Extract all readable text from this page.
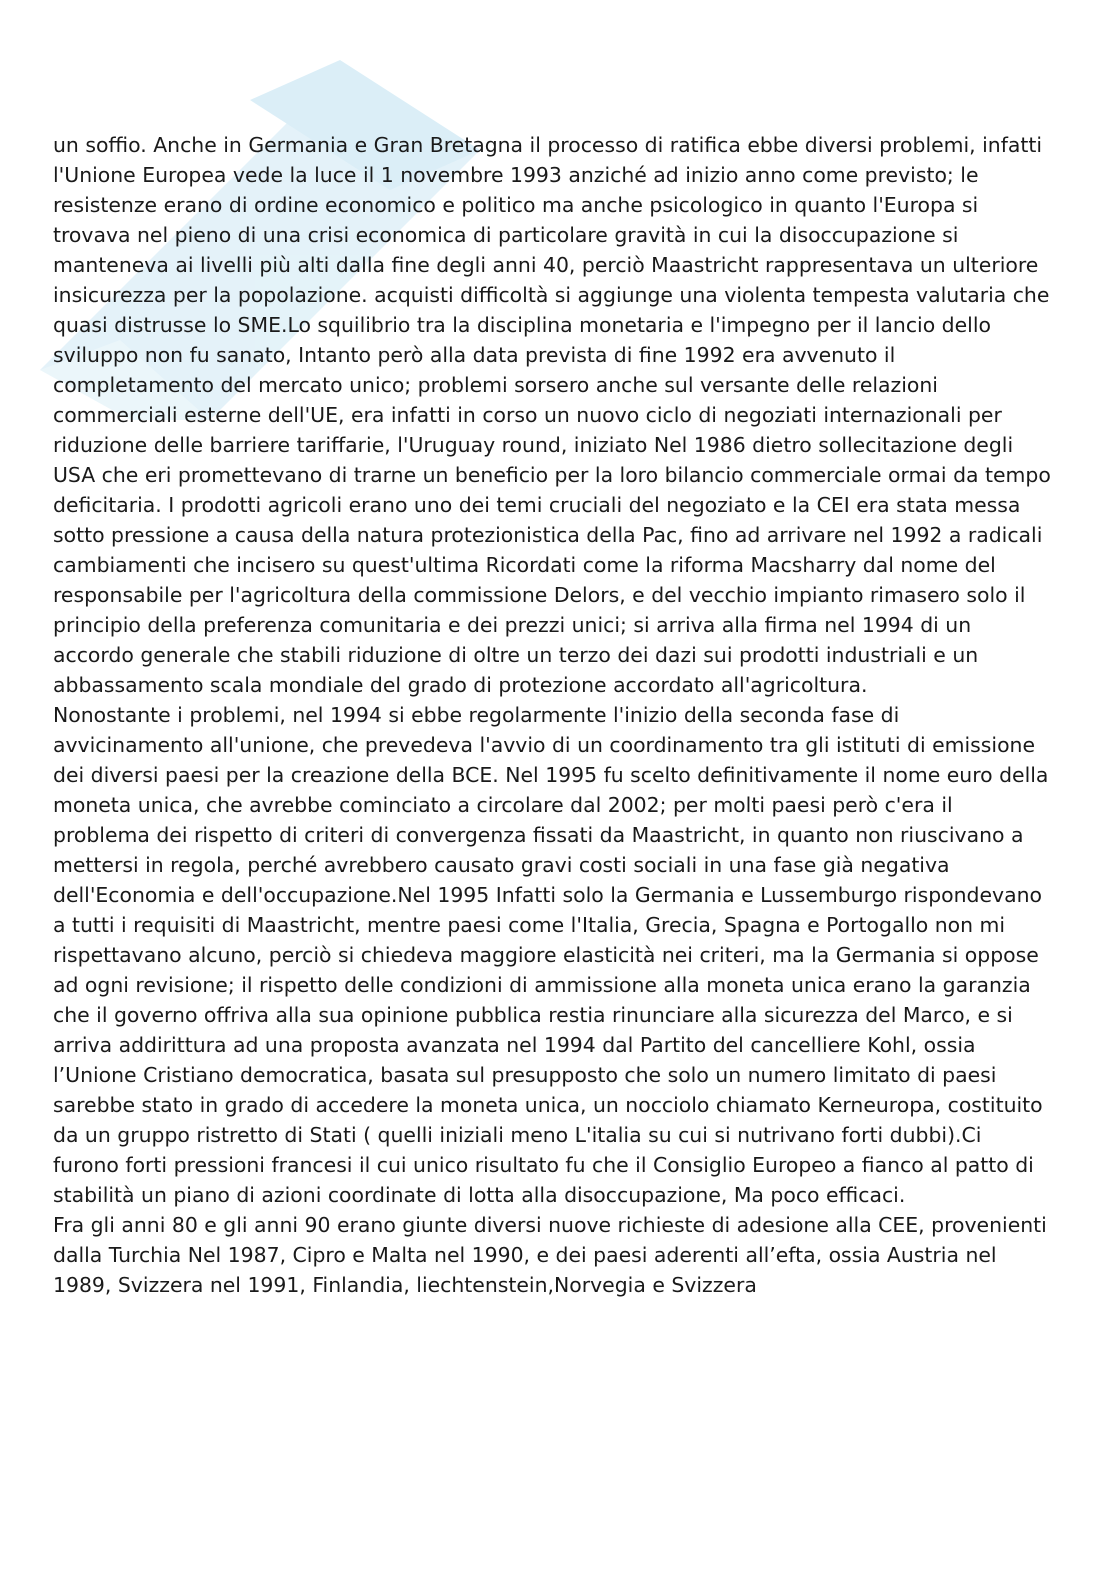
un soffio. Anche in Germania e Gran Bretagna il processo di ratifica ebbe diversi problemi, infatti l'Unione Europea vede la luce il 1 novembre 1993 anziché ad inizio anno come previsto; le resistenze erano di ordine economico e politico ma anche psicologico in quanto l'Europa si trovava nel pieno di una crisi economica di particolare gravità in cui la disoccupazione si manteneva ai livelli più alti dalla fine degli anni 40, perciò Maastricht rappresentava un ulteriore insicurezza per la popolazione. acquisti difficoltà si aggiunge una violenta tempesta valutaria che quasi distrusse lo SME.Lo squilibrio tra la disciplina monetaria e l'impegno per il lancio dello sviluppo non fu sanato, Intanto però alla data prevista di fine 1992 era avvenuto il completamento del mercato unico; problemi sorsero anche sul versante delle relazioni commerciali esterne dell'UE, era infatti in corso un nuovo ciclo di negoziati internazionali per riduzione delle barriere tariffarie, l'Uruguay round, iniziato Nel 1986 dietro sollecitazione degli USA che eri promettevano di trarne un beneficio per la loro bilancio commerciale ormai da tempo deficitaria. I prodotti agricoli erano uno dei temi cruciali del negoziato e la CEI era stata messa sotto pressione a causa della natura protezionistica della Pac, fino ad arrivare nel 1992 a radicali cambiamenti che incisero su quest'ultima Ricordati come la riforma Macsharry dal nome del responsabile per l'agricoltura della commissione Delors, e del vecchio impianto rimasero solo il principio della preferenza comunitaria e dei prezzi unici; si arriva alla firma nel 1994 di un accordo generale che stabili riduzione di oltre un terzo dei dazi sui prodotti industriali e un abbassamento scala mondiale del grado di protezione accordato all'agricoltura.

Nonostante i problemi, nel 1994 si ebbe regolarmente l'inizio della seconda fase di avvicinamento all'unione, che prevedeva l'avvio di un coordinamento tra gli istituti di emissione dei diversi paesi per la creazione della BCE. Nel 1995 fu scelto definitivamente il nome euro della moneta unica, che avrebbe cominciato a circolare dal 2002; per molti paesi però c'era il problema dei rispetto di criteri di convergenza fissati da Maastricht, in quanto non riuscivano a mettersi in regola, perché avrebbero causato gravi costi sociali in una fase già negativa dell'Economia e dell'occupazione.Nel 1995 Infatti solo la Germania e Lussemburgo rispondevano a tutti i requisiti di Maastricht, mentre paesi come l'Italia, Grecia, Spagna e Portogallo non mi rispettavano alcuno, perciò si chiedeva maggiore elasticità nei criteri, ma la Germania si oppose ad ogni revisione; il rispetto delle condizioni di ammissione alla moneta unica erano la garanzia che il governo offriva alla sua opinione pubblica restia rinunciare alla sicurezza del Marco, e si arriva addirittura ad una proposta avanzata nel 1994 dal Partito del cancelliere Kohl, ossia l’Unione Cristiano democratica, basata sul presupposto che solo un numero limitato di paesi sarebbe stato in grado di accedere la moneta unica, un nocciolo chiamato Kerneuropa, costituito da un gruppo ristretto di Stati ( quelli iniziali meno L'italia su cui si nutrivano forti dubbi).Ci furono forti pressioni francesi il cui unico risultato fu che il Consiglio Europeo a fianco al patto di stabilità un piano di azioni coordinate di lotta alla disoccupazione, Ma poco efficaci.

Fra gli anni 80 e gli anni 90 erano giunte diversi nuove richieste di adesione alla CEE, provenienti dalla Turchia Nel 1987, Cipro e Malta nel 1990, e dei paesi aderenti all’efta, ossia Austria nel 1989, Svizzera nel 1991, Finlandia, liechtenstein,Norvegia e Svizzera
